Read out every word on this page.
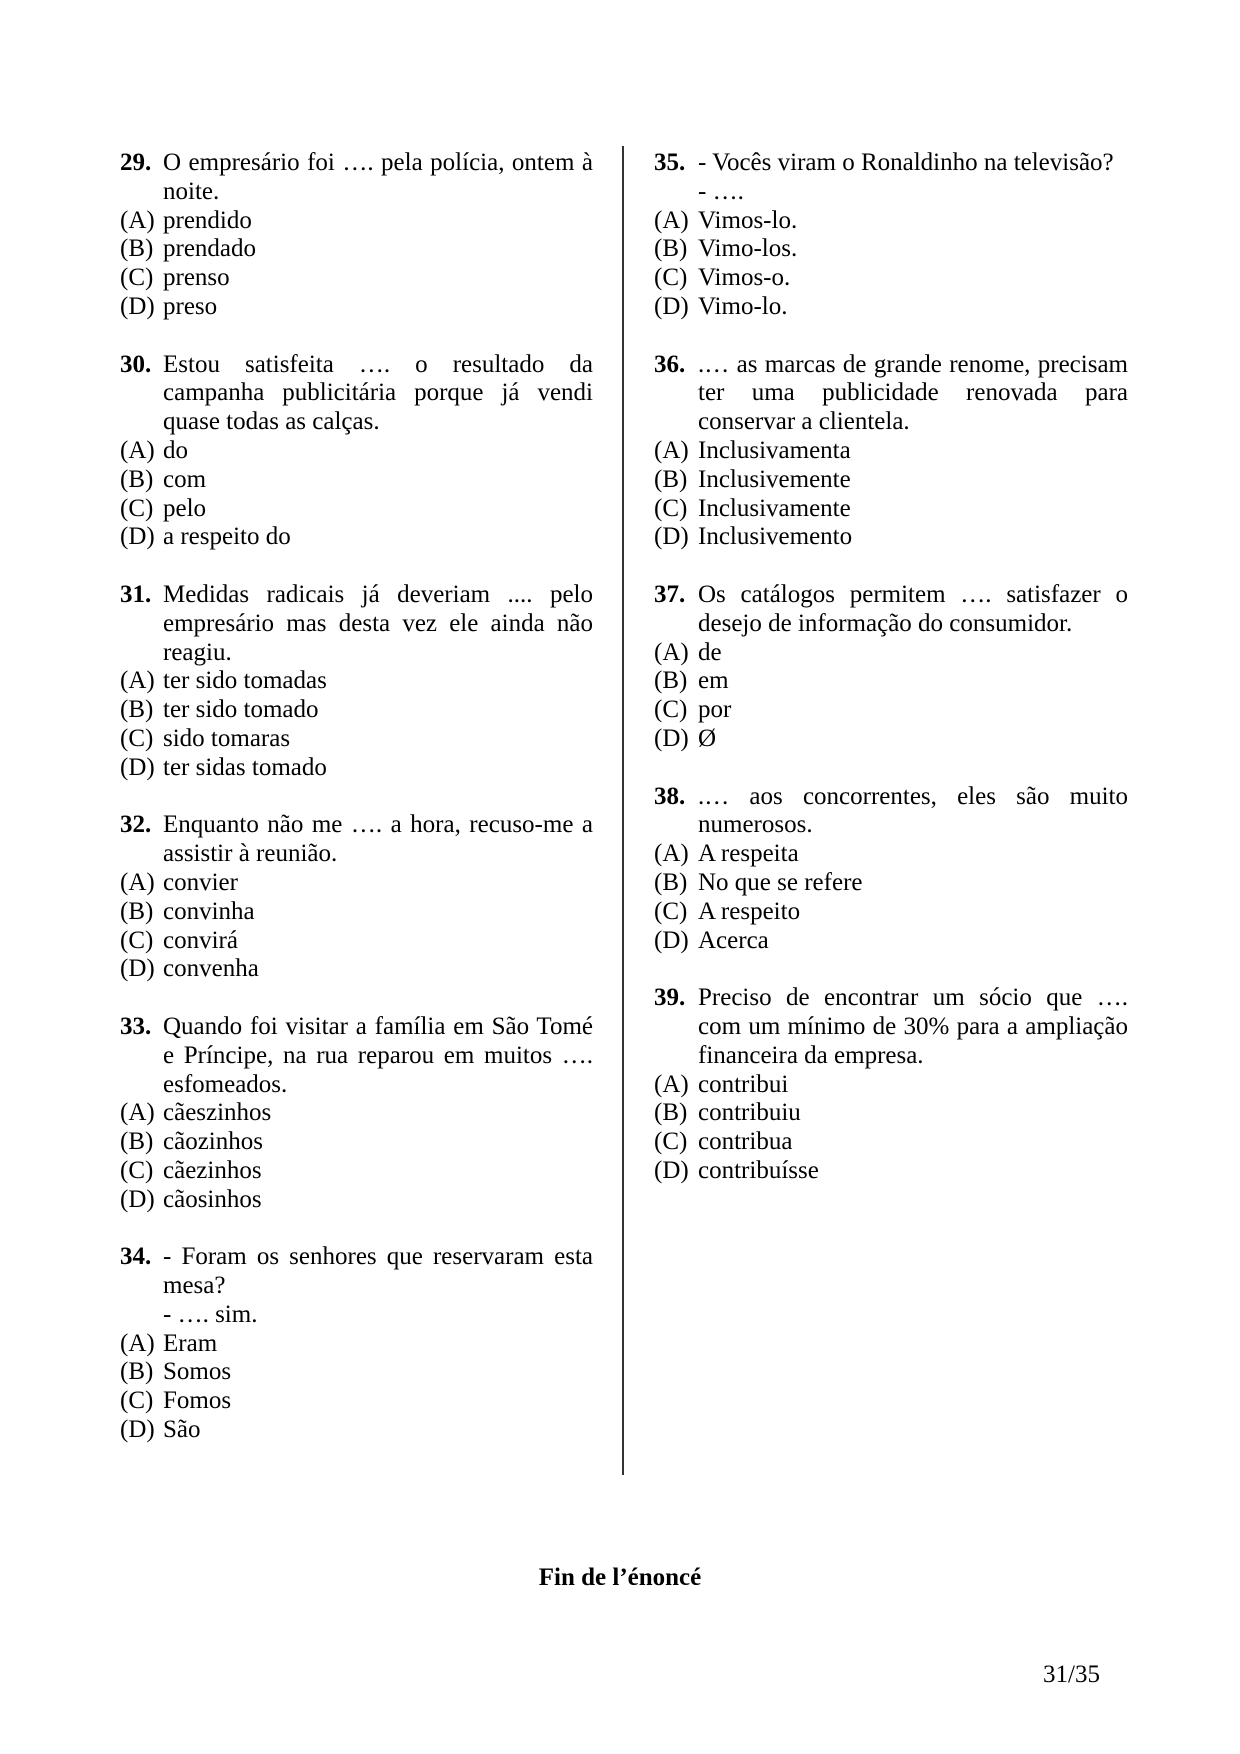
29. O empresário foi …. pela polícia, ontem à noite.
(A) prendido
(B) prendado
(C) prenso
(D) preso
30. Estou satisfeita …. o resultado da campanha publicitária porque já vendi quase todas as calças.
(A) do
(B) com
(C) pelo
(D) a respeito do
31. Medidas radicais já deveriam .... pelo empresário mas desta vez ele ainda não reagiu.
(A) ter sido tomadas
(B) ter sido tomado
(C) sido tomaras
(D) ter sidas tomado
32. Enquanto não me …. a hora, recuso-me a assistir à reunião.
(A) convier
(B) convinha
(C) convirá
(D) convenha
33. Quando foi visitar a família em São Tomé e Príncipe, na rua reparou em muitos …. esfomeados.
(A) cãeszinhos
(B) cãozinhos
(C) cãezinhos
(D) cãosinhos
34. - Foram os senhores que reservaram esta mesa?
- …. sim.
(A) Eram
(B) Somos
(C) Fomos
(D) São
35. - Vocês viram o Ronaldinho na televisão?
- ….
(A) Vimos-lo.
(B) Vimo-los.
(C) Vimos-o.
(D) Vimo-lo.
36. .… as marcas de grande renome, precisam ter uma publicidade renovada para conservar a clientela.
(A) Inclusivamenta
(B) Inclusivemente
(C) Inclusivamente
(D) Inclusivemento
37. Os catálogos permitem …. satisfazer o desejo de informação do consumidor.
(A) de
(B) em
(C) por
(D) Ø
38. .… aos concorrentes, eles são muito numerosos.
(A) A respeita
(B) No que se refere
(C) A respeito
(D) Acerca
39. Preciso de encontrar um sócio que …. com um mínimo de 30% para a ampliação financeira da empresa.
(A) contribui
(B) contribuiu
(C) contribua
(D) contribuísse
Fin de l’énoncé
31/35
